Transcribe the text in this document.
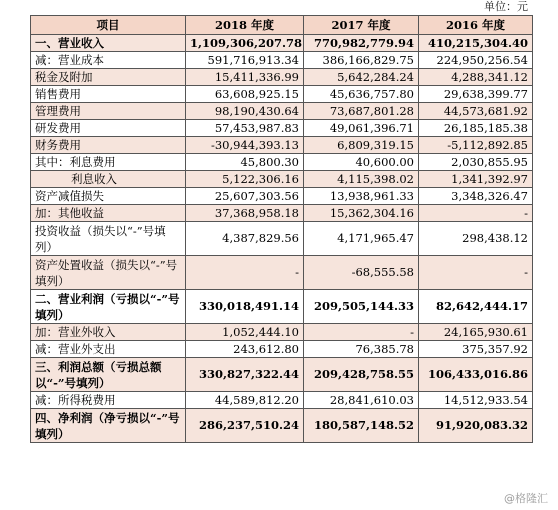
单位：元
项目	2018 年度	2017 年度	2016 年度
一、营业收入	1,109,306,207.78	770,982,779.94	410,215,304.40
减：营业成本	591,716,913.34	386,166,829.75	224,950,256.54
税金及附加	15,411,336.99	5,642,284.24	4,288,341.12
销售费用	63,608,925.15	45,636,757.80	29,638,399.77
管理费用	98,190,430.64	73,687,801.28	44,573,681.92
研发费用	57,453,987.83	49,061,396.71	26,185,185.38
财务费用	-30,944,393.13	6,809,319.15	-5,112,892.85
其中：利息费用	45,800.30	40,600.00	2,030,855.95
利息收入	5,122,306.16	4,115,398.02	1,341,392.97
资产减值损失	25,607,303.56	13,938,961.33	3,348,326.47
加：其他收益	37,368,958.18	15,362,304.16	-
投资收益（损失以“-”号填列）	4,387,829.56	4,171,965.47	298,438.12
资产处置收益（损失以“-”号填列）	-	-68,555.58	-
二、营业利润（亏损以“-”号填列）	330,018,491.14	209,505,144.33	82,642,444.17
加：营业外收入	1,052,444.10	-	24,165,930.61
减：营业外支出	243,612.80	76,385.78	375,357.92
三、利润总额（亏损总额以“-”号填列）	330,827,322.44	209,428,758.55	106,433,016.86
减：所得税费用	44,589,812.20	28,841,610.03	14,512,933.54
四、净利润（净亏损以“-”号填列）	286,237,510.24	180,587,148.52	91,920,083.32
@格隆汇
